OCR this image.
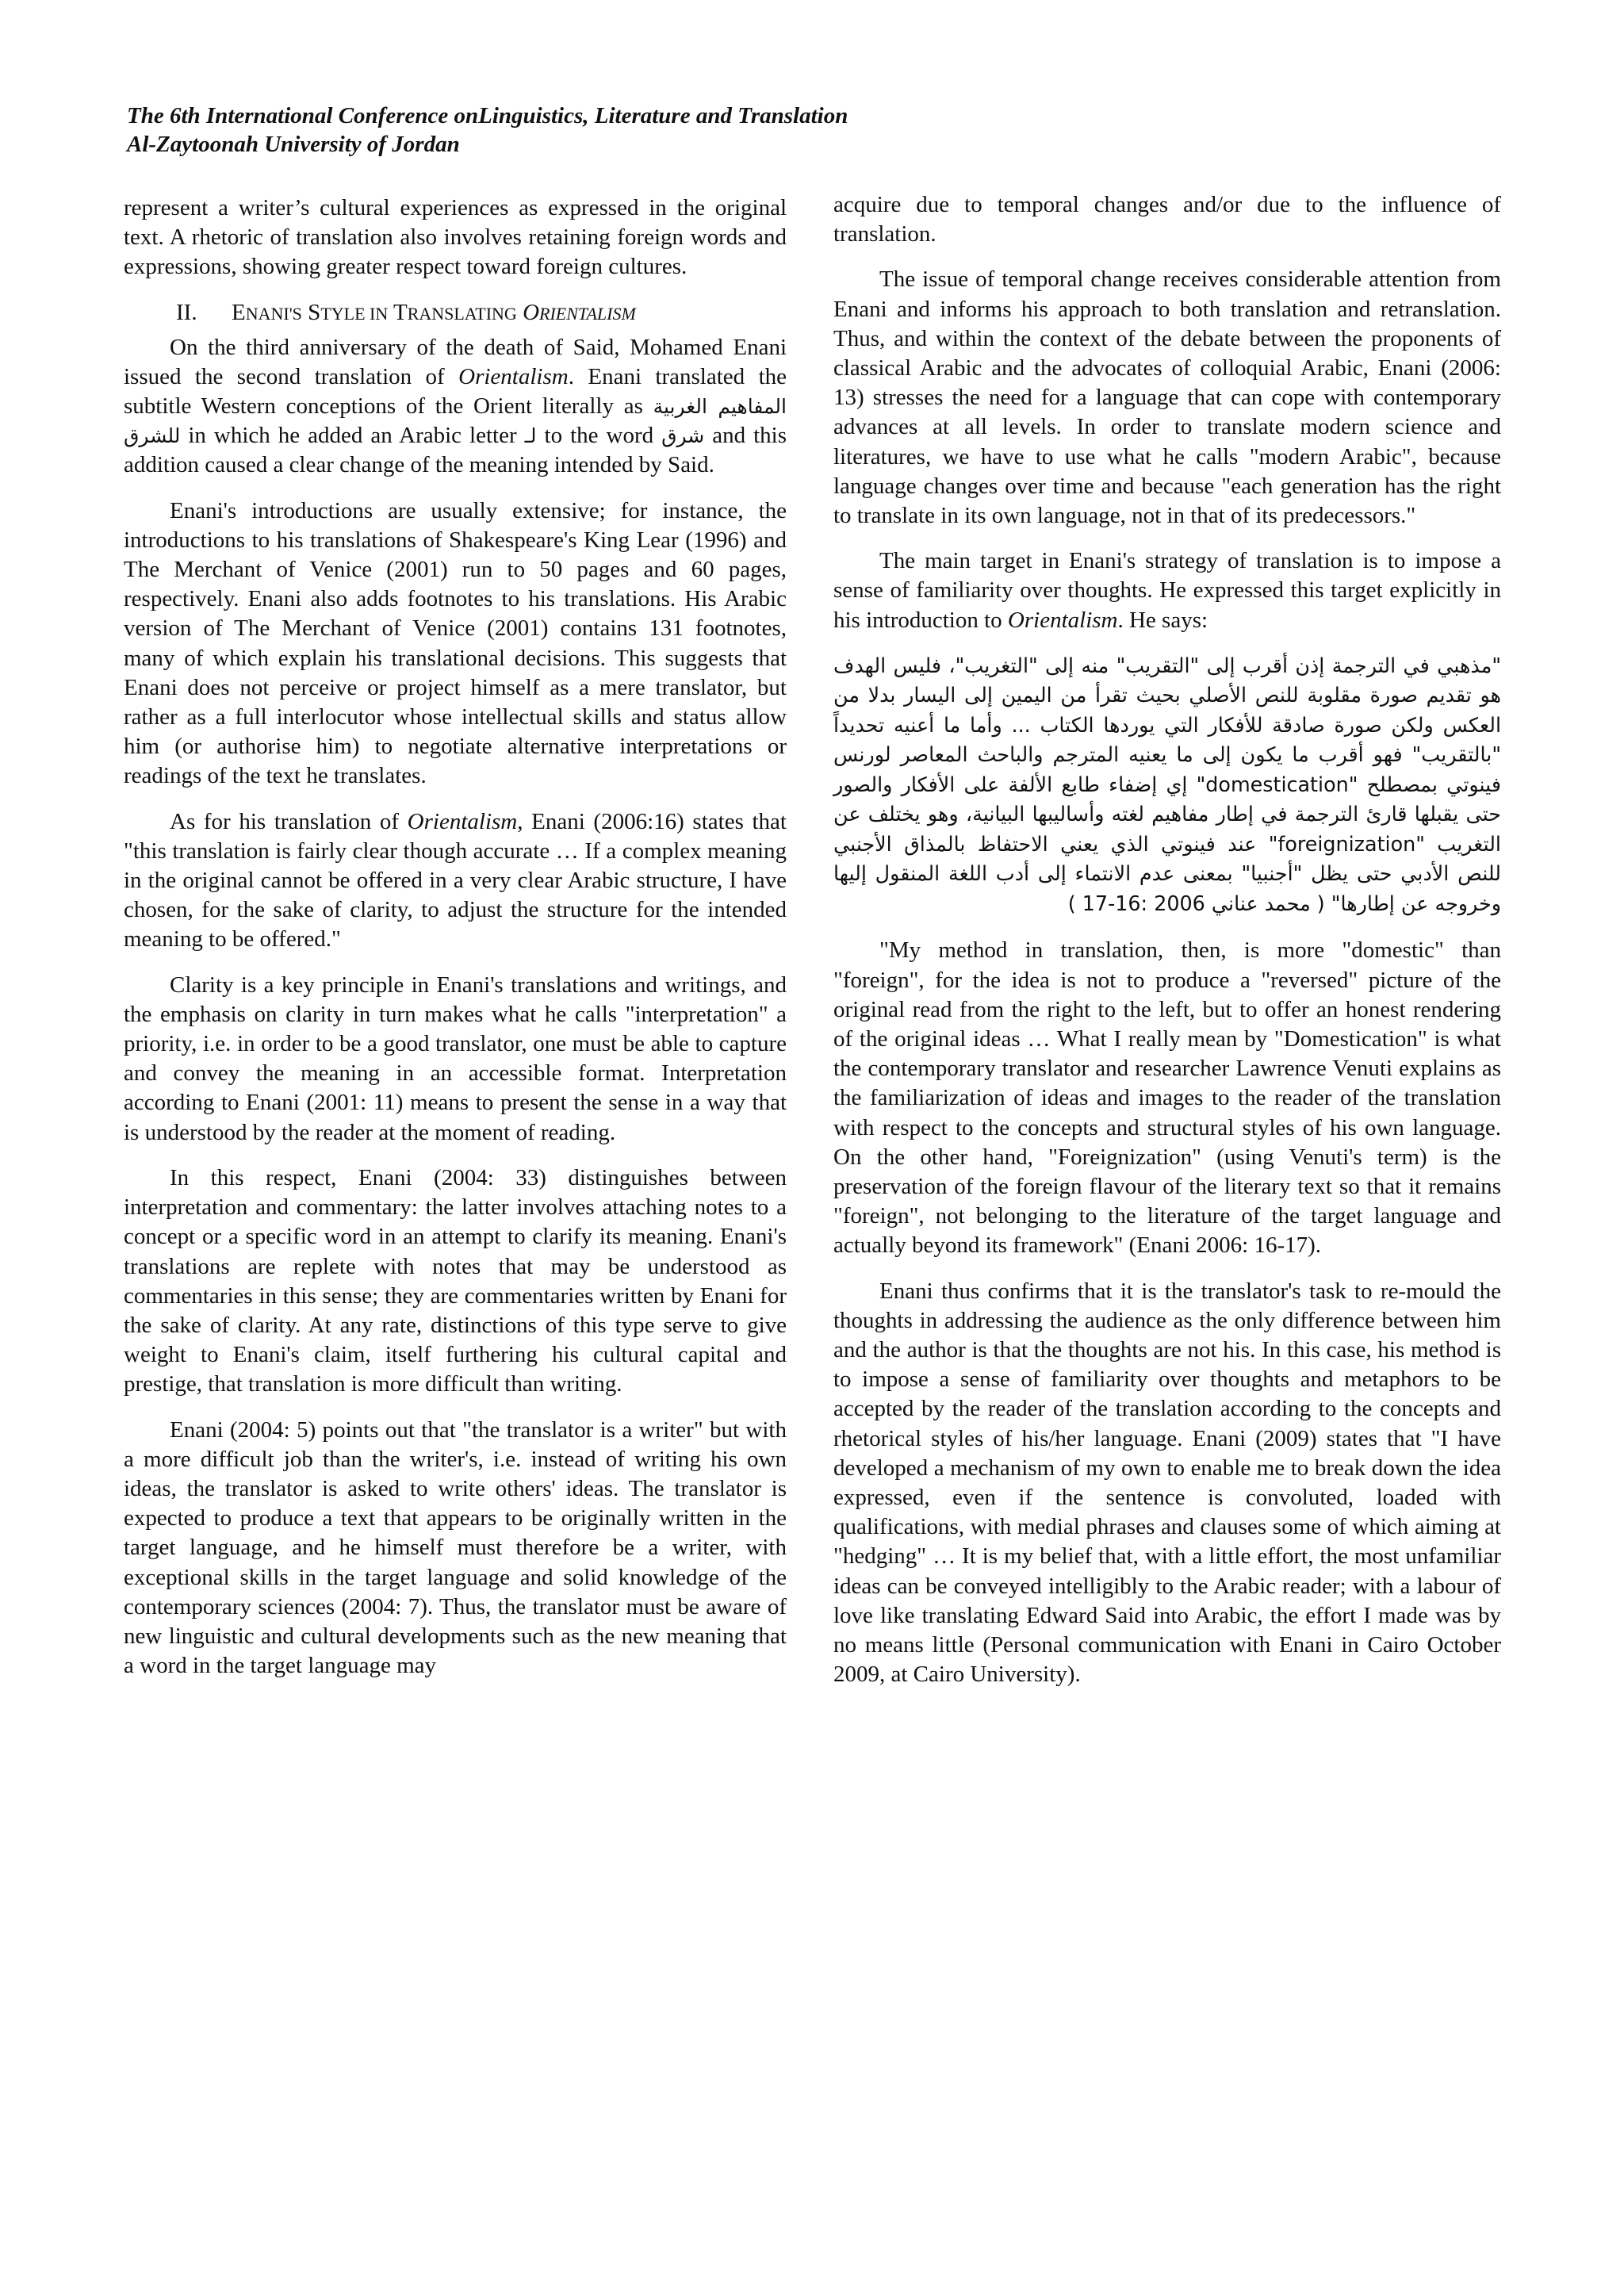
The 6th International Conference onLinguistics, Literature and Translation
Al-Zaytoonah University of Jordan

represent a writer’s cultural experiences as expressed in the original text. A rhetoric of translation also involves retaining foreign words and expressions, showing greater respect toward foreign cultures.

II. ENANI'S STYLE IN TRANSLATING ORIENTALISM

On the third anniversary of the death of Said, Mohamed Enani issued the second translation of Orientalism. Enani translated the subtitle Western conceptions of the Orient literally as المفاهيم الغربية للشرق in which he added an Arabic letter لـ to the word شرق and this addition caused a clear change of the meaning intended by Said.

Enani's introductions are usually extensive; for instance, the introductions to his translations of Shakespeare's King Lear (1996) and The Merchant of Venice (2001) run to 50 pages and 60 pages, respectively. Enani also adds footnotes to his translations. His Arabic version of The Merchant of Venice (2001) contains 131 footnotes, many of which explain his translational decisions. This suggests that Enani does not perceive or project himself as a mere translator, but rather as a full interlocutor whose intellectual skills and status allow him (or authorise him) to negotiate alternative interpretations or readings of the text he translates.

As for his translation of Orientalism, Enani (2006:16) states that "this translation is fairly clear though accurate … If a complex meaning in the original cannot be offered in a very clear Arabic structure, I have chosen, for the sake of clarity, to adjust the structure for the intended meaning to be offered."

Clarity is a key principle in Enani's translations and writings, and the emphasis on clarity in turn makes what he calls "interpretation" a priority, i.e. in order to be a good translator, one must be able to capture and convey the meaning in an accessible format. Interpretation according to Enani (2001: 11) means to present the sense in a way that is understood by the reader at the moment of reading.

In this respect, Enani (2004: 33) distinguishes between interpretation and commentary: the latter involves attaching notes to a concept or a specific word in an attempt to clarify its meaning. Enani's translations are replete with notes that may be understood as commentaries in this sense; they are commentaries written by Enani for the sake of clarity. At any rate, distinctions of this type serve to give weight to Enani's claim, itself furthering his cultural capital and prestige, that translation is more difficult than writing.

Enani (2004: 5) points out that "the translator is a writer" but with a more difficult job than the writer's, i.e. instead of writing his own ideas, the translator is asked to write others' ideas. The translator is expected to produce a text that appears to be originally written in the target language, and he himself must therefore be a writer, with exceptional skills in the target language and solid knowledge of the contemporary sciences (2004: 7). Thus, the translator must be aware of new linguistic and cultural developments such as the new meaning that a word in the target language may

acquire due to temporal changes and/or due to the influence of translation.

The issue of temporal change receives considerable attention from Enani and informs his approach to both translation and retranslation. Thus, and within the context of the debate between the proponents of classical Arabic and the advocates of colloquial Arabic, Enani (2006: 13) stresses the need for a language that can cope with contemporary advances at all levels. In order to translate modern science and literatures, we have to use what he calls "modern Arabic", because language changes over time and because "each generation has the right to translate in its own language, not in that of its predecessors."

The main target in Enani's strategy of translation is to impose a sense of familiarity over thoughts. He expressed this target explicitly in his introduction to Orientalism. He says:

"مذهبي في الترجمة إذن أقرب إلى "التقريب" منه إلى "التغريب"، فليس الهدف هو تقديم صورة مقلوبة للنص الأصلي بحيث تقرأ من اليمين إلى اليسار بدلا من العكس ولكن صورة صادقة للأفكار التي يوردها الكتاب ... وأما ما أعنيه تحديداً "بالتقريب" فهو أقرب ما يكون إلى ما يعنيه المترجم والباحث المعاصر لورنس فينوتي بمصطلح "domestication" إي إضفاء طابع الألفة على الأفكار والصور حتى يقبلها قارئ الترجمة في إطار مفاهيم لغته وأساليبها البيانية، وهو يختلف عن التغريب "foreignization" عند فينوتي الذي يعني الاحتفاظ بالمذاق الأجنبي للنص الأدبي حتى يظل "أجنبيا" بمعنى عدم الانتماء إلى أدب اللغة المنقول إليها وخروجه عن إطارها" ( محمد عناني 2006 :16-17 )

"My method in translation, then, is more "domestic" than "foreign", for the idea is not to produce a "reversed" picture of the original read from the right to the left, but to offer an honest rendering of the original ideas … What I really mean by "Domestication" is what the contemporary translator and researcher Lawrence Venuti explains as the familiarization of ideas and images to the reader of the translation with respect to the concepts and structural styles of his own language. On the other hand, "Foreignization" (using Venuti's term) is the preservation of the foreign flavour of the literary text so that it remains "foreign", not belonging to the literature of the target language and actually beyond its framework" (Enani 2006: 16-17).

Enani thus confirms that it is the translator's task to re-mould the thoughts in addressing the audience as the only difference between him and the author is that the thoughts are not his. In this case, his method is to impose a sense of familiarity over thoughts and metaphors to be accepted by the reader of the translation according to the concepts and rhetorical styles of his/her language. Enani (2009) states that "I have developed a mechanism of my own to enable me to break down the idea expressed, even if the sentence is convoluted, loaded with qualifications, with medial phrases and clauses some of which aiming at "hedging" … It is my belief that, with a little effort, the most unfamiliar ideas can be conveyed intelligibly to the Arabic reader; with a labour of love like translating Edward Said into Arabic, the effort I made was by no means little (Personal communication with Enani in Cairo October 2009, at Cairo University).
